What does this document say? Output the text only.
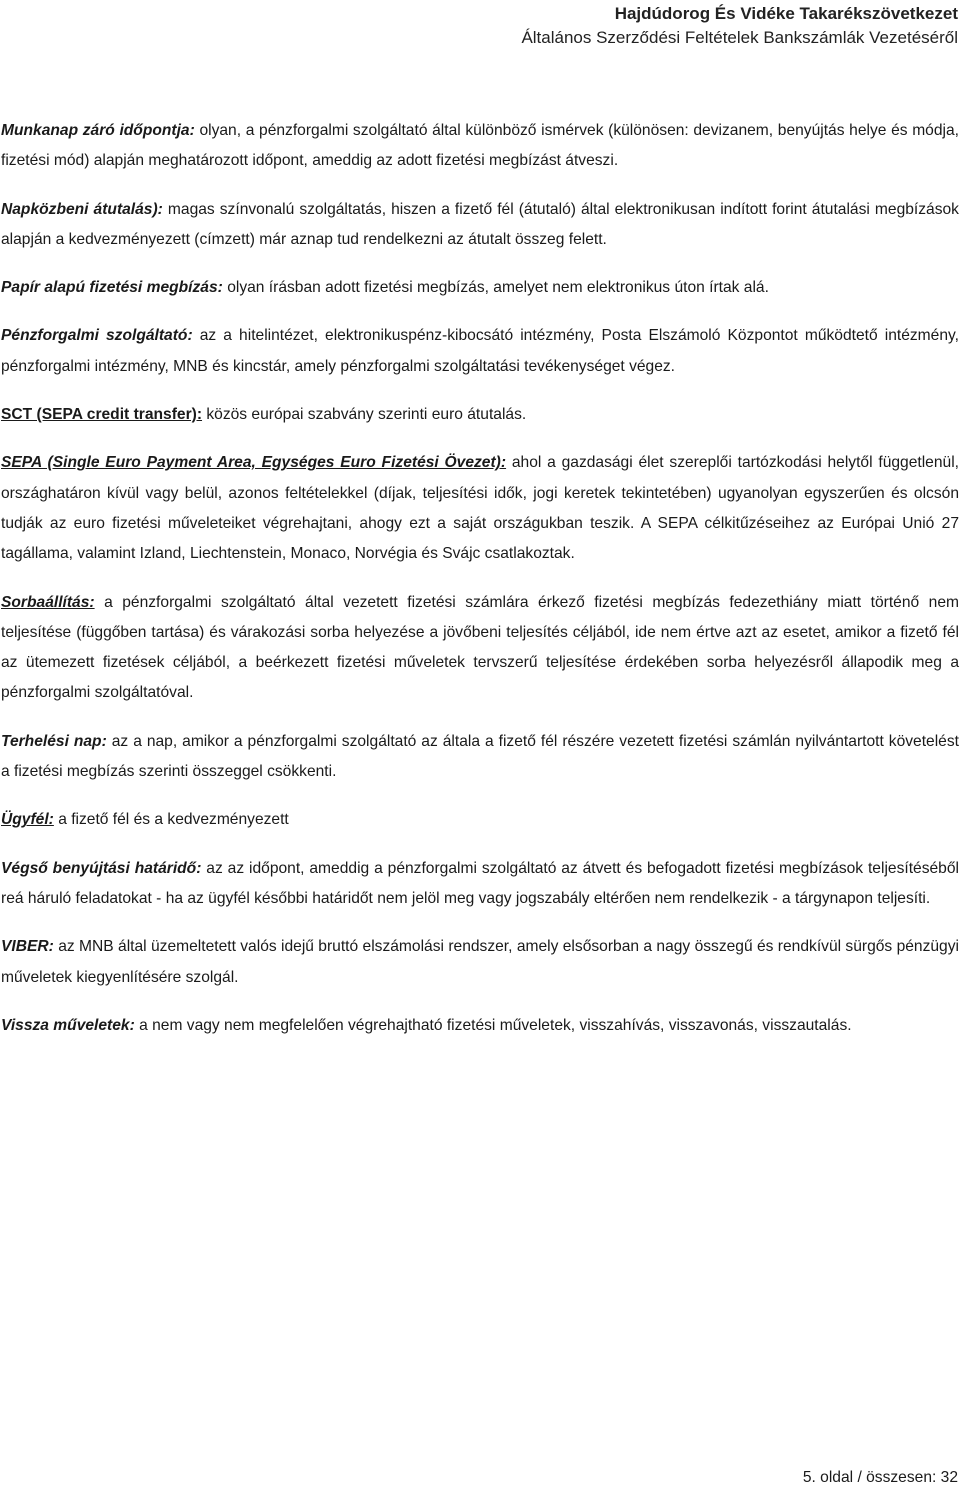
Hajdúdorog És Vidéke Takarékszövetkezet
Általános Szerződési Feltételek Bankszámlák Vezetéséről

Munkanap záró időpontja: olyan, a pénzforgalmi szolgáltató által különböző ismérvek (különösen: devizanem, benyújtás helye és módja, fizetési mód) alapján meghatározott időpont, ameddig az adott fizetési megbízást átveszi.

Napközbeni átutalás): magas színvonalú szolgáltatás, hiszen a fizető fél (átutaló) által elektronikusan indított forint átutalási megbízások alapján a kedvezményezett (címzett) már aznap tud rendelkezni az átutalt összeg felett.

Papír alapú fizetési megbízás: olyan írásban adott fizetési megbízás, amelyet nem elektronikus úton írtak alá.

Pénzforgalmi szolgáltató: az a hitelintézet, elektronikuspénz-kibocsátó intézmény, Posta Elszámoló Központot működtető intézmény, pénzforgalmi intézmény, MNB és kincstár, amely pénzforgalmi szolgáltatási tevékenységet végez.

SCT (SEPA credit transfer): közös európai szabvány szerinti euro átutalás.

SEPA (Single Euro Payment Area, Egységes Euro Fizetési Övezet): ahol a gazdasági élet szereplői tartózkodási helytől függetlenül, országhatáron kívül vagy belül, azonos feltételekkel (díjak, teljesítési idők, jogi keretek tekintetében) ugyanolyan egyszerűen és olcsón tudják az euro fizetési műveleteiket végrehajtani, ahogy ezt a saját országukban teszik. A SEPA célkitűzéseihez az Európai Unió 27 tagállama, valamint Izland, Liechtenstein, Monaco, Norvégia és Svájc csatlakoztak.

Sorbaállítás: a pénzforgalmi szolgáltató által vezetett fizetési számlára érkező fizetési megbízás fedezethiány miatt történő nem teljesítése (függőben tartása) és várakozási sorba helyezése a jövőbeni teljesítés céljából, ide nem értve azt az esetet, amikor a fizető fél az ütemezett fizetések céljából, a beérkezett fizetési műveletek tervszerű teljesítése érdekében sorba helyezésről állapodik meg a pénzforgalmi szolgáltatóval.

Terhelési nap: az a nap, amikor a pénzforgalmi szolgáltató az általa a fizető fél részére vezetett fizetési számlán nyilvántartott követelést a fizetési megbízás szerinti összeggel csökkenti.

Ügyfél: a fizető fél és a kedvezményezett

Végső benyújtási határidő: az az időpont, ameddig a pénzforgalmi szolgáltató az átvett és befogadott fizetési megbízások teljesítéséből reá háruló feladatokat - ha az ügyfél későbbi határidőt nem jelöl meg vagy jogszabály eltérően nem rendelkezik - a tárgynapon teljesíti.

VIBER: az MNB által üzemeltetett valós idejű bruttó elszámolási rendszer, amely elsősorban a nagy összegű és rendkívül sürgős pénzügyi műveletek kiegyenlítésére szolgál.

Vissza műveletek: a nem vagy nem megfelelően végrehajtható fizetési műveletek, visszahívás, visszavonás, visszautalás.

5. oldal / összesen: 32
